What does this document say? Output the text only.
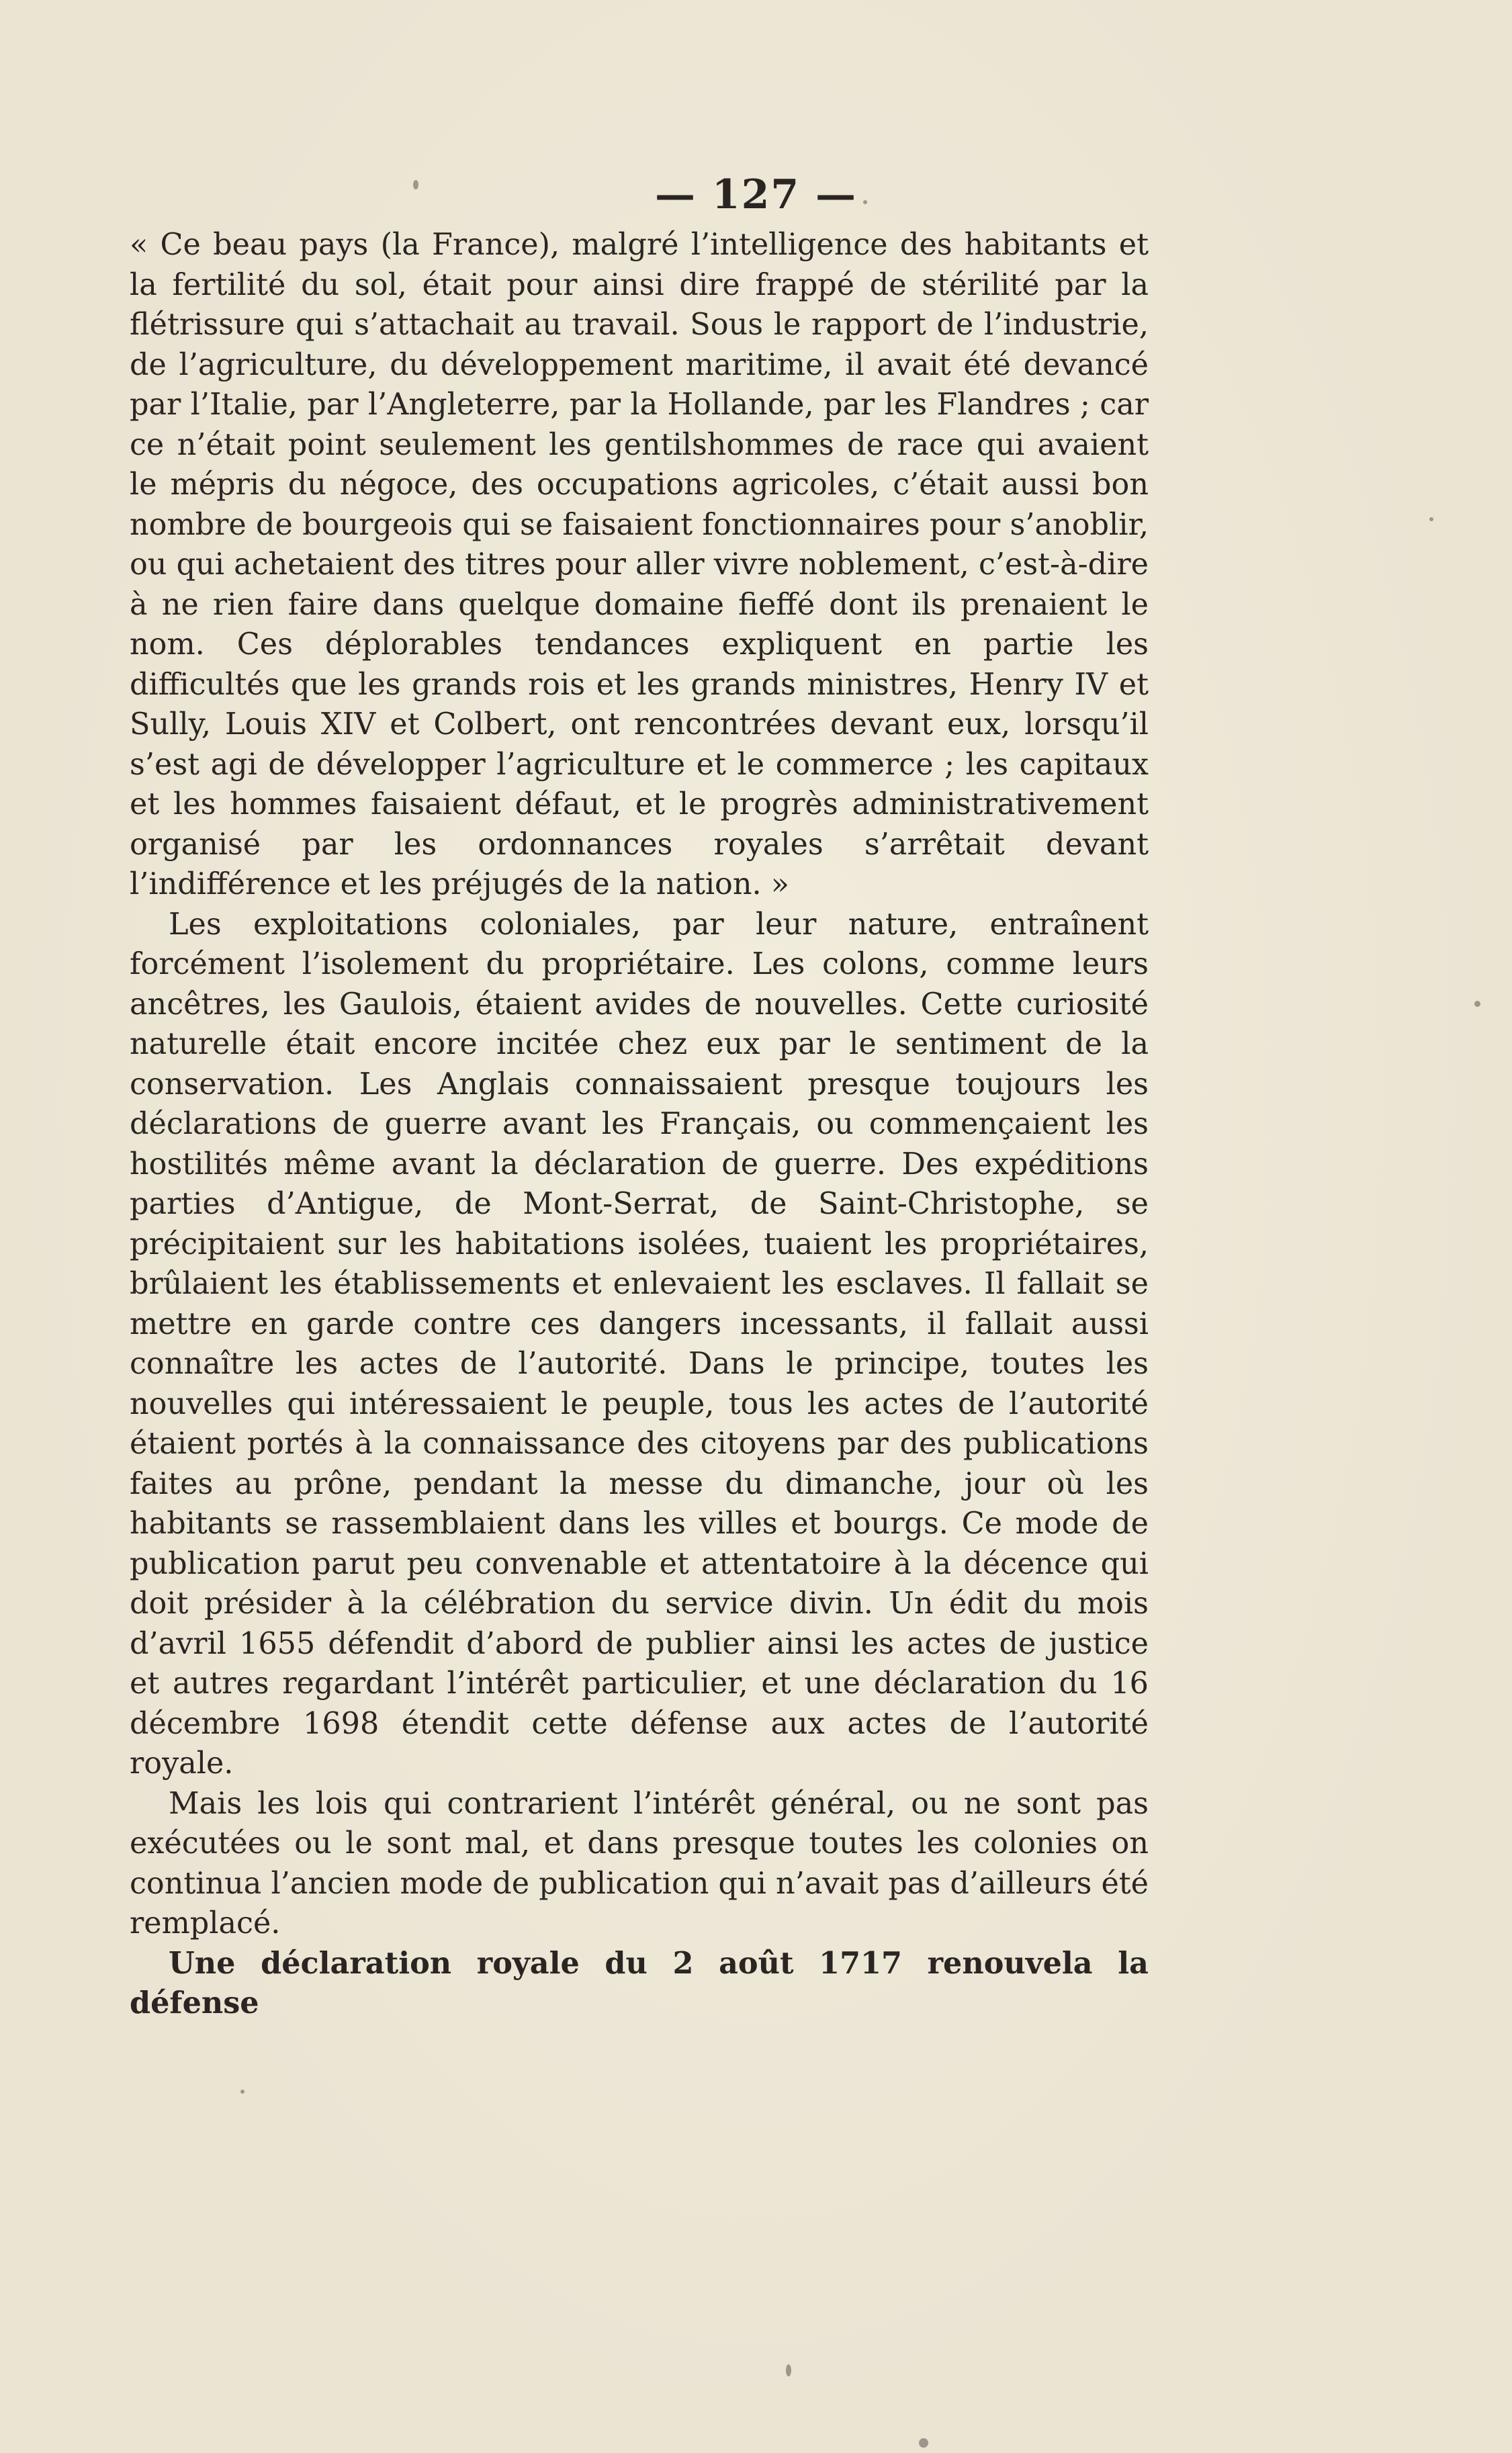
— 127 —

« Ce beau pays (la France), malgré l’intelligence des habitants et la fertilité du sol, était pour ainsi dire frappé de stérilité par la flétrissure qui s’attachait au travail. Sous le rapport de l’industrie, de l’agriculture, du développement maritime, il avait été devancé par l’Italie, par l’Angleterre, par la Hollande, par les Flandres ; car ce n’était point seulement les gentilshommes de race qui avaient le mépris du négoce, des occupations agricoles, c’était aussi bon nombre de bourgeois qui se faisaient fonctionnaires pour s’anoblir, ou qui achetaient des titres pour aller vivre noblement, c’est-à-dire à ne rien faire dans quelque domaine fieffé dont ils prenaient le nom. Ces déplorables tendances expliquent en partie les difficultés que les grands rois et les grands ministres, Henry IV et Sully, Louis XIV et Colbert, ont rencontrées devant eux, lorsqu’il s’est agi de développer l’agriculture et le commerce ; les capitaux et les hommes faisaient défaut, et le progrès administrativement organisé par les ordonnances royales s’arrêtait devant l’indifférence et les préjugés de la nation. »

Les exploitations coloniales, par leur nature, entraînent forcément l’isolement du propriétaire. Les colons, comme leurs ancêtres, les Gaulois, étaient avides de nouvelles. Cette curiosité naturelle était encore incitée chez eux par le sentiment de la conservation. Les Anglais connaissaient presque toujours les déclarations de guerre avant les Français, ou commençaient les hostilités même avant la déclaration de guerre. Des expéditions parties d’Antigue, de Mont-Serrat, de Saint-Christophe, se précipitaient sur les habitations isolées, tuaient les propriétaires, brûlaient les établissements et enlevaient les esclaves. Il fallait se mettre en garde contre ces dangers incessants, il fallait aussi connaître les actes de l’autorité. Dans le principe, toutes les nouvelles qui intéressaient le peuple, tous les actes de l’autorité étaient portés à la connaissance des citoyens par des publications faites au prône, pendant la messe du dimanche, jour où les habitants se rassemblaient dans les villes et bourgs. Ce mode de publication parut peu convenable et attentatoire à la décence qui doit présider à la célébration du service divin. Un édit du mois d’avril 1655 défendit d’abord de publier ainsi les actes de justice et autres regardant l’intérêt particulier, et une déclaration du 16 décembre 1698 étendit cette défense aux actes de l’autorité royale.

Mais les lois qui contrarient l’intérêt général, ou ne sont pas exécutées ou le sont mal, et dans presque toutes les colonies on continua l’ancien mode de publication qui n’avait pas d’ailleurs été remplacé.

Une déclaration royale du 2 août 1717 renouvela la défense
